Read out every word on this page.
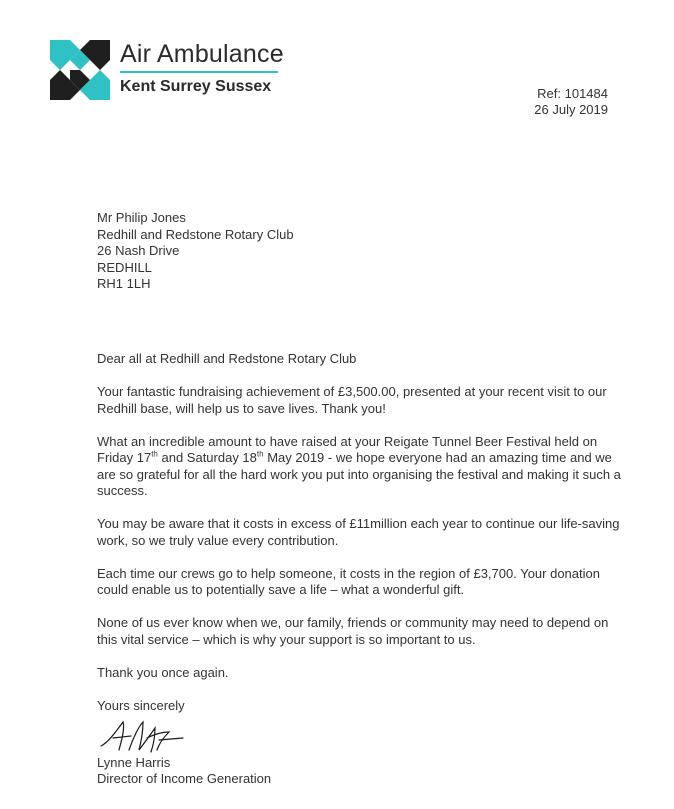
Air Ambulance
Kent Surrey Sussex	Ref: 101484
26 July 2019
Mr Philip Jones
Redhill and Redstone Rotary Club
26 Nash Drive
REDHILL
RH1 1LH

Dear all at Redhill and Redstone Rotary Club

Your fantastic fundraising achievement of £3,500.00, presented at your recent visit to our Redhill base, will help us to save lives. Thank you!

What an incredible amount to have raised at your Reigate Tunnel Beer Festival held on Friday 17th and Saturday 18th May 2019 - we hope everyone had an amazing time and we are so grateful for all the hard work you put into organising the festival and making it such a success.

You may be aware that it costs in excess of £11million each year to continue our life-saving work, so we truly value every contribution.

Each time our crews go to help someone, it costs in the region of £3,700. Your donation could enable us to potentially save a life – what a wonderful gift.

None of us ever know when we, our family, friends or community may need to depend on this vital service – which is why your support is so important to us.

Thank you once again.

Yours sincerely

Lynne Harris
Director of Income Generation
